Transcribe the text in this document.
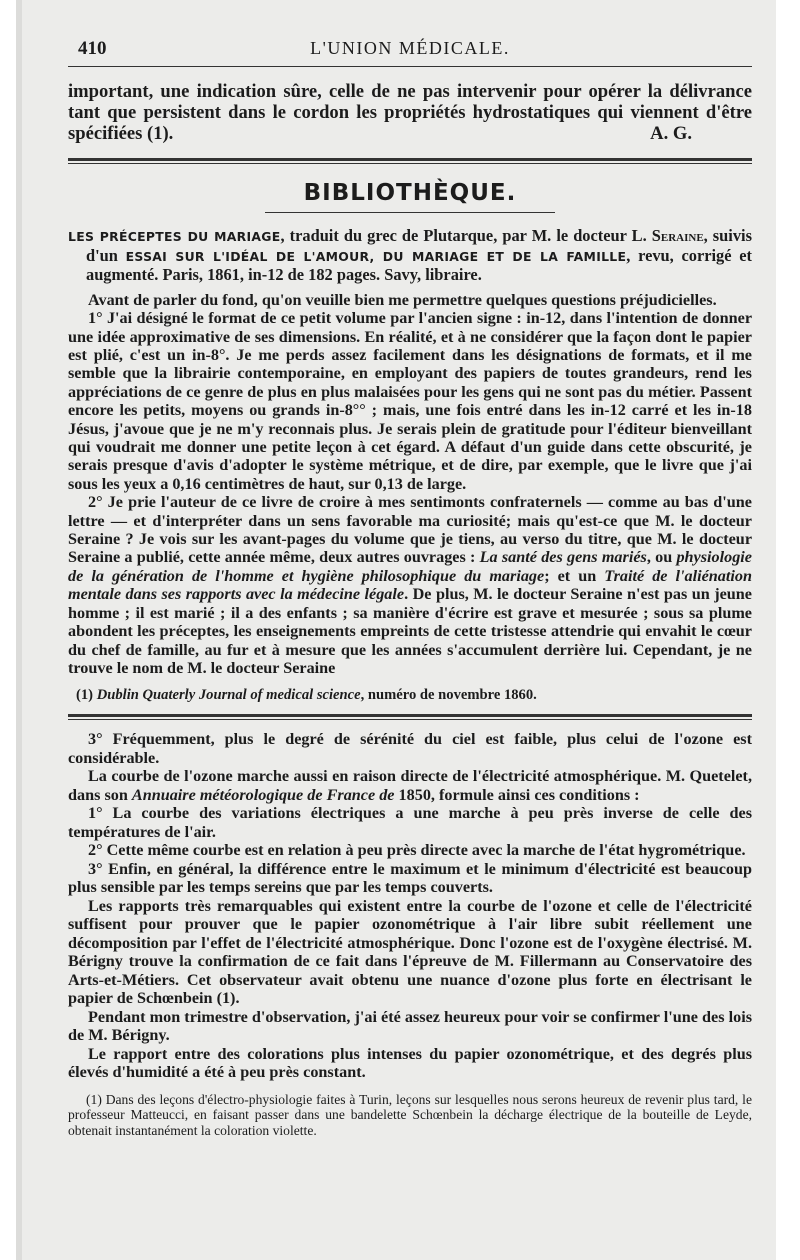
410	L'UNION MÉDICALE.

important, une indication sûre, celle de ne pas intervenir pour opérer la délivrance tant que persistent dans le cordon les propriétés hydrostatiques qui viennent d'être spécifiées (1).	A. G.

BIBLIOTHÈQUE.

LES PRÉCEPTES DU MARIAGE, traduit du grec de Plutarque, par M. le docteur L. Seraine, suivis d'un ESSAI SUR L'IDÉAL DE L'AMOUR, DU MARIAGE ET DE LA FAMILLE, revu, corrigé et augmenté. Paris, 1861, in-12 de 182 pages. Savy, libraire.

Avant de parler du fond, qu'on veuille bien me permettre quelques questions préjudicielles.

1° J'ai désigné le format de ce petit volume par l'ancien signe : in-12, dans l'intention de donner une idée approximative de ses dimensions. En réalité, et à ne considérer que la façon dont le papier est plié, c'est un in-8°. Je me perds assez facilement dans les désignations de formats, et il me semble que la librairie contemporaine, en employant des papiers de toutes grandeurs, rend les appréciations de ce genre de plus en plus malaisées pour les gens qui ne sont pas du métier. Passent encore les petits, moyens ou grands in-8°° ; mais, une fois entré dans les in-12 carré et les in-18 Jésus, j'avoue que je ne m'y reconnais plus. Je serais plein de gratitude pour l'éditeur bienveillant qui voudrait me donner une petite leçon à cet égard. A défaut d'un guide dans cette obscurité, je serais presque d'avis d'adopter le système métrique, et de dire, par exemple, que le livre que j'ai sous les yeux a 0,16 centimètres de haut, sur 0,13 de large.

2° Je prie l'auteur de ce livre de croire à mes sentimonts confraternels — comme au bas d'une lettre — et d'interpréter dans un sens favorable ma curiosité; mais qu'est-ce que M. le docteur Seraine ? Je vois sur les avant-pages du volume que je tiens, au verso du titre, que M. le docteur Seraine a publié, cette année même, deux autres ouvrages : La santé des gens mariés, ou physiologie de la génération de l'homme et hygiène philosophique du mariage; et un Traité de l'aliénation mentale dans ses rapports avec la médecine légale. De plus, M. le docteur Seraine n'est pas un jeune homme ; il est marié ; il a des enfants ; sa manière d'écrire est grave et mesurée ; sous sa plume abondent les préceptes, les enseignements empreints de cette tristesse attendrie qui envahit le cœur du chef de famille, au fur et à mesure que les années s'accumulent derrière lui. Cependant, je ne trouve le nom de M. le docteur Seraine

(1) Dublin Quaterly Journal of medical science, numéro de novembre 1860.

3° Fréquemment, plus le degré de sérénité du ciel est faible, plus celui de l'ozone est considérable.

La courbe de l'ozone marche aussi en raison directe de l'électricité atmosphérique. M. Quetelet, dans son Annuaire météorologique de France de 1850, formule ainsi ces conditions :

1° La courbe des variations électriques a une marche à peu près inverse de celle des températures de l'air.

2° Cette même courbe est en relation à peu près directe avec la marche de l'état hygrométrique.

3° Enfin, en général, la différence entre le maximum et le minimum d'électricité est beaucoup plus sensible par les temps sereins que par les temps couverts.

Les rapports très remarquables qui existent entre la courbe de l'ozone et celle de l'électricité suffisent pour prouver que le papier ozonométrique à l'air libre subit réellement une décomposition par l'effet de l'électricité atmosphérique. Donc l'ozone est de l'oxygène électrisé. M. Bérigny trouve la confirmation de ce fait dans l'épreuve de M. Fillermann au Conservatoire des Arts-et-Métiers. Cet observateur avait obtenu une nuance d'ozone plus forte en électrisant le papier de Schœnbein (1).

Pendant mon trimestre d'observation, j'ai été assez heureux pour voir se confirmer l'une des lois de M. Bérigny.

Le rapport entre des colorations plus intenses du papier ozonométrique, et des degrés plus élevés d'humidité a été à peu près constant.

(1) Dans des leçons d'électro-physiologie faites à Turin, leçons sur lesquelles nous serons heureux de revenir plus tard, le professeur Matteucci, en faisant passer dans une bandelette Schœnbein la décharge électrique de la bouteille de Leyde, obtenait instantanément la coloration violette.
